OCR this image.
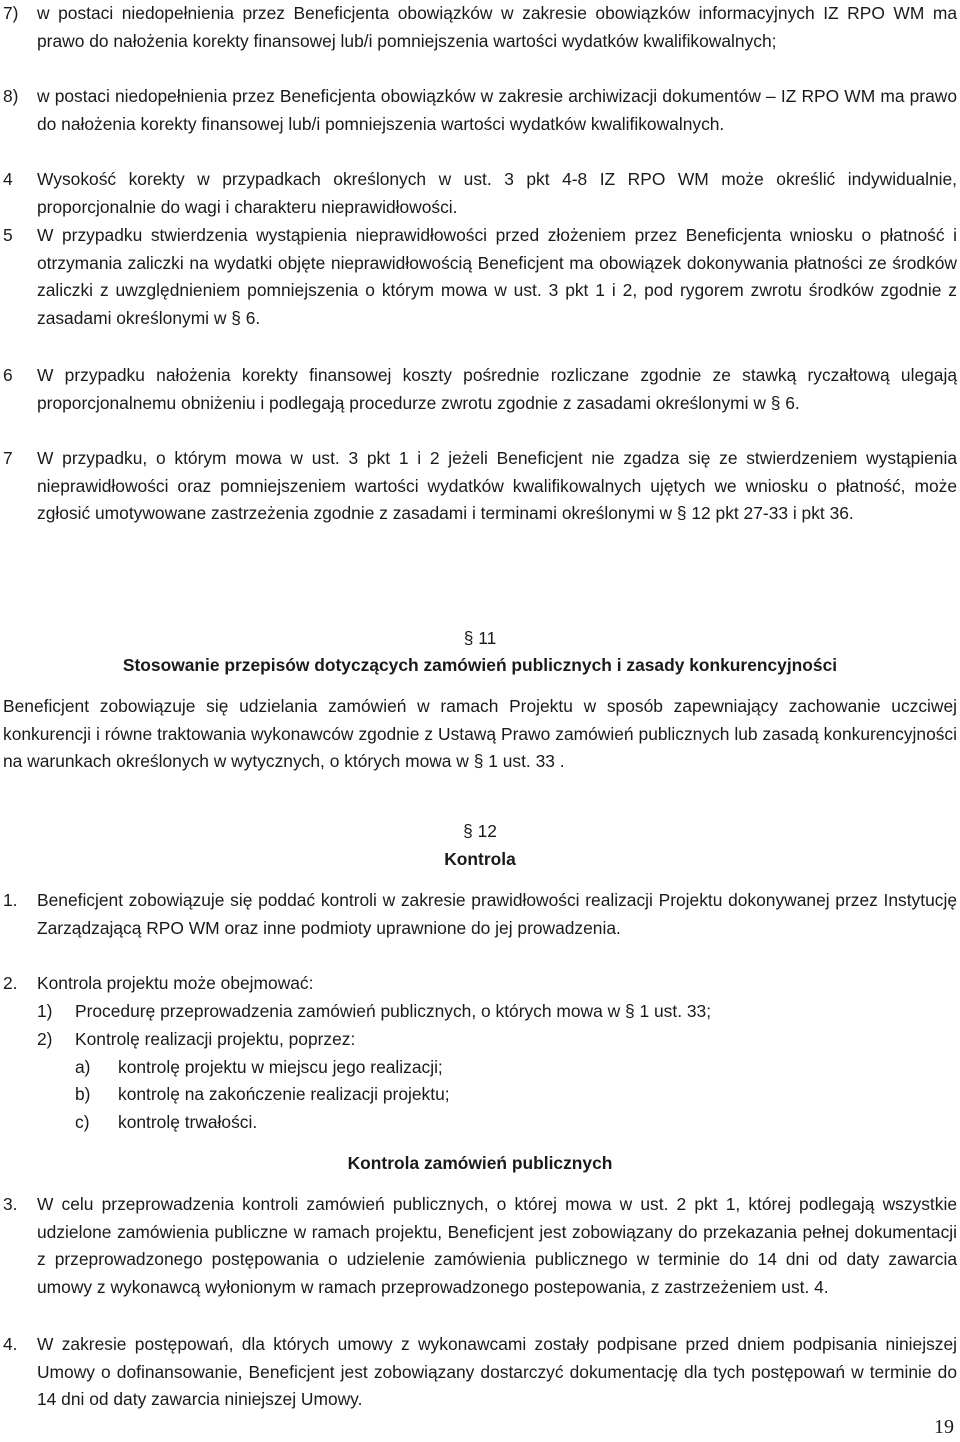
7) w postaci niedopełnienia przez Beneficjenta obowiązków w zakresie obowiązków informacyjnych IZ RPO WM ma prawo do nałożenia korekty finansowej lub/i pomniejszenia wartości wydatków kwalifikowalnych;
8) w postaci niedopełnienia przez Beneficjenta obowiązków w zakresie archiwizacji dokumentów – IZ RPO WM ma prawo do nałożenia korekty finansowej lub/i pomniejszenia wartości wydatków kwalifikowalnych.
4 Wysokość korekty w przypadkach określonych w ust. 3 pkt 4-8 IZ RPO WM może określić indywidualnie, proporcjonalnie do wagi i charakteru nieprawidłowości.
5 W przypadku stwierdzenia wystąpienia nieprawidłowości przed złożeniem przez Beneficjenta wniosku o płatność i otrzymania zaliczki na wydatki objęte nieprawidłowością Beneficjent ma obowiązek dokonywania płatności ze środków zaliczki z uwzględnieniem pomniejszenia o którym mowa w ust. 3 pkt 1 i 2, pod rygorem zwrotu środków zgodnie z zasadami określonymi w § 6.
6 W przypadku nałożenia korekty finansowej koszty pośrednie rozliczane zgodnie ze stawką ryczałtową ulegają proporcjonalnemu obniżeniu i podlegają procedurze zwrotu zgodnie z zasadami określonymi w § 6.
7 W przypadku, o którym mowa w ust. 3 pkt 1 i 2 jeżeli Beneficjent nie zgadza się ze stwierdzeniem wystąpienia nieprawidłowości oraz pomniejszeniem wartości wydatków kwalifikowalnych ujętych we wniosku o płatność, może zgłosić umotywowane zastrzeżenia zgodnie z zasadami i terminami określonymi w § 12 pkt 27-33 i pkt 36.
§ 11
Stosowanie przepisów dotyczących zamówień publicznych i zasady konkurencyjności
Beneficjent zobowiązuje się udzielania zamówień w ramach Projektu w sposób zapewniający zachowanie uczciwej konkurencji i równe traktowania wykonawców zgodnie z Ustawą Prawo zamówień publicznych lub zasadą konkurencyjności na warunkach określonych w wytycznych, o których mowa w § 1 ust. 33 .
§ 12
Kontrola
1. Beneficjent zobowiązuje się poddać kontroli w zakresie prawidłowości realizacji Projektu dokonywanej przez Instytucję Zarządzającą RPO WM oraz inne podmioty uprawnione do jej prowadzenia.
2. Kontrola projektu może obejmować:
1) Procedurę przeprowadzenia zamówień publicznych, o których mowa w § 1 ust. 33;
2) Kontrolę realizacji projektu, poprzez:
a) kontrolę projektu w miejscu jego realizacji;
b) kontrolę na zakończenie realizacji projektu;
c) kontrolę trwałości.
Kontrola zamówień publicznych
3. W celu przeprowadzenia kontroli zamówień publicznych, o której mowa w ust. 2 pkt 1, której podlegają wszystkie udzielone zamówienia publiczne w ramach projektu, Beneficjent jest zobowiązany do przekazania pełnej dokumentacji z przeprowadzonego postępowania o udzielenie zamówienia publicznego w terminie do 14 dni od daty zawarcia umowy z wykonawcą wyłonionym w ramach przeprowadzonego postepowania, z zastrzeżeniem ust. 4.
4. W zakresie postępowań, dla których umowy z wykonawcami zostały podpisane przed dniem podpisania niniejszej Umowy o dofinansowanie, Beneficjent jest zobowiązany dostarczyć dokumentację dla tych postępowań w terminie do 14 dni od daty zawarcia niniejszej Umowy.
19
